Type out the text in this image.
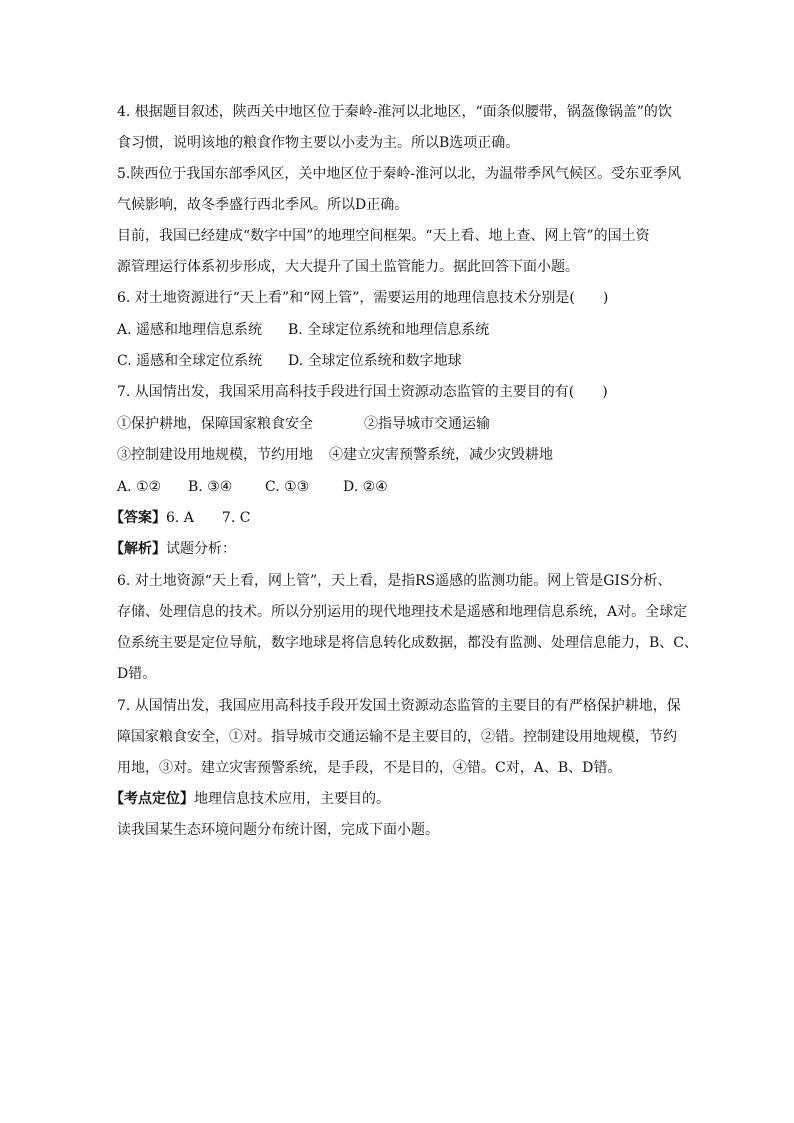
4. 根据题目叙述，陕西关中地区位于秦岭-淮河以北地区，“面条似腰带，锅盔像锅盖”的饮
食习惯，说明该地的粮食作物主要以小麦为主。所以B选项正确。
5.陕西位于我国东部季风区，关中地区位于秦岭-淮河以北，为温带季风气候区。受东亚季风
气候影响，故冬季盛行西北季风。所以D正确。
目前，我国已经建成“数字中国”的地理空间框架。“天上看、地上查、网上管”的国土资
源管理运行体系初步形成，大大提升了国土监管能力。据此回答下面小题。
6. 对土地资源进行“天上看”和“网上管”，需要运用的地理信息技术分别是(　　)
A. 遥感和地理信息系统 B. 全球定位系统和地理信息系统
C. 遥感和全球定位系统 D. 全球定位系统和数字地球
7. 从国情出发，我国采用高科技手段进行国土资源动态监管的主要目的有(　　)
①保护耕地，保障国家粮食安全	②指导城市交通运输
③控制建设用地规模，节约用地 ④建立灾害预警系统，减少灾毁耕地
A. ①② B. ③④ C. ①③ D. ②④
【答案】6. A　　7. C
【解析】试题分析：
6. 对土地资源“天上看，网上管”，天上看，是指RS遥感的监测功能。网上管是GIS分析、
存储、处理信息的技术。所以分别运用的现代地理技术是遥感和地理信息系统，A对。全球定
位系统主要是定位导航，数字地球是将信息转化成数据，都没有监测、处理信息能力，B、C、
D错。
7. 从国情出发，我国应用高科技手段开发国土资源动态监管的主要目的有严格保护耕地，保
障国家粮食安全，①对。指导城市交通运输不是主要目的，②错。控制建设用地规模，节约
用地，③对。建立灾害预警系统，是手段，不是目的，④错。C对，A、B、D错。
【考点定位】地理信息技术应用，主要目的。
读我国某生态环境问题分布统计图，完成下面小题。
